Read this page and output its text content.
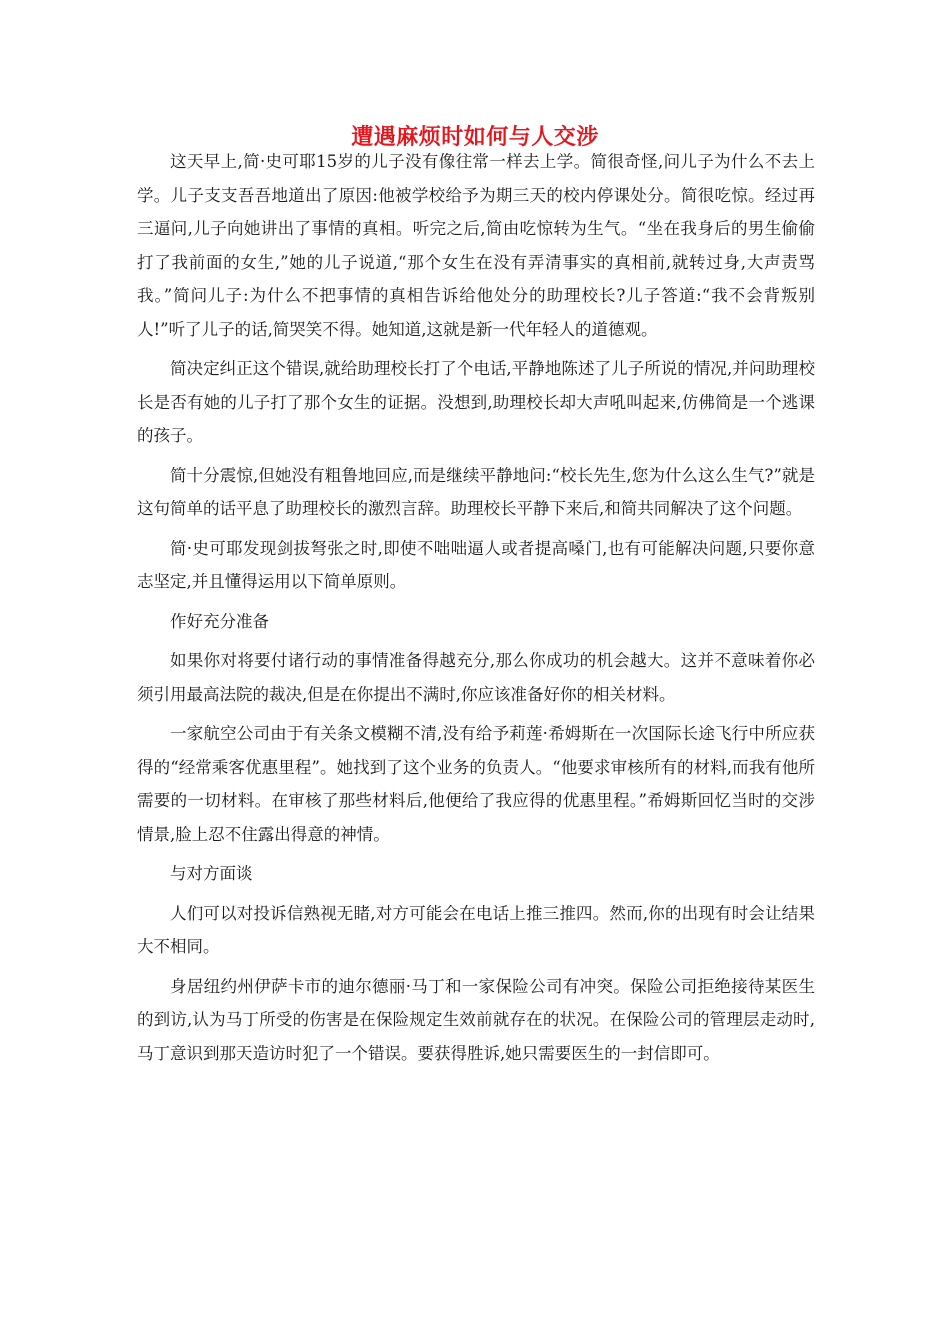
遭遇麻烦时如何与人交涉

这天早上,简·史可耶15岁的儿子没有像往常一样去上学。简很奇怪,问儿子为什么不去上学。儿子支支吾吾地道出了原因:他被学校给予为期三天的校内停课处分。简很吃惊。经过再三逼问,儿子向她讲出了事情的真相。听完之后,简由吃惊转为生气。“坐在我身后的男生偷偷打了我前面的女生,”她的儿子说道,“那个女生在没有弄清事实的真相前,就转过身,大声责骂我。”简问儿子:为什么不把事情的真相告诉给他处分的助理校长?儿子答道:“我不会背叛别人!”听了儿子的话,简哭笑不得。她知道,这就是新一代年轻人的道德观。

简决定纠正这个错误,就给助理校长打了个电话,平静地陈述了儿子所说的情况,并问助理校长是否有她的儿子打了那个女生的证据。没想到,助理校长却大声吼叫起来,仿佛简是一个逃课的孩子。

简十分震惊,但她没有粗鲁地回应,而是继续平静地问:“校长先生,您为什么这么生气?”就是这句简单的话平息了助理校长的激烈言辞。助理校长平静下来后,和简共同解决了这个问题。

简·史可耶发现剑拔弩张之时,即使不咄咄逼人或者提高嗓门,也有可能解决问题,只要你意志坚定,并且懂得运用以下简单原则。

作好充分准备

如果你对将要付诸行动的事情准备得越充分,那么你成功的机会越大。这并不意味着你必须引用最高法院的裁决,但是在你提出不满时,你应该准备好你的相关材料。

一家航空公司由于有关条文模糊不清,没有给予莉莲·希姆斯在一次国际长途飞行中所应获得的“经常乘客优惠里程”。她找到了这个业务的负责人。“他要求审核所有的材料,而我有他所需要的一切材料。在审核了那些材料后,他便给了我应得的优惠里程。”希姆斯回忆当时的交涉情景,脸上忍不住露出得意的神情。

与对方面谈

人们可以对投诉信熟视无睹,对方可能会在电话上推三推四。然而,你的出现有时会让结果大不相同。

身居纽约州伊萨卡市的迪尔德丽·马丁和一家保险公司有冲突。保险公司拒绝接待某医生的到访,认为马丁所受的伤害是在保险规定生效前就存在的状况。在保险公司的管理层走动时,马丁意识到那天造访时犯了一个错误。要获得胜诉,她只需要医生的一封信即可。
